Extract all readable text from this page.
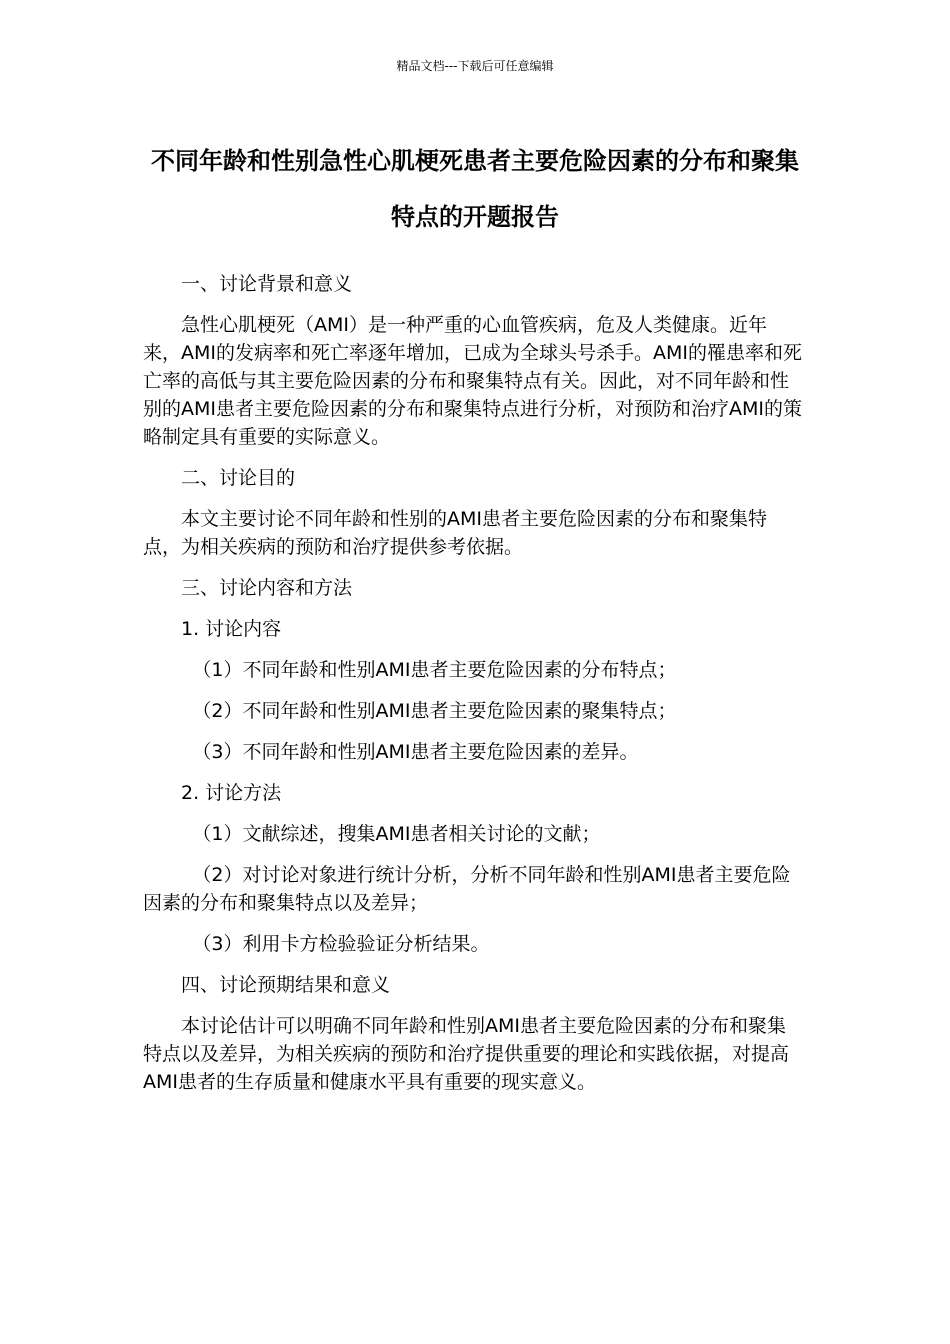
精品文档---下载后可任意编辑
不同年龄和性别急性心肌梗死患者主要危险因素的分布和聚集特点的开题报告

一、讨论背景和意义

急性心肌梗死（AMI）是一种严重的心血管疾病，危及人类健康。近年来，AMI的发病率和死亡率逐年增加，已成为全球头号杀手。AMI的罹患率和死亡率的高低与其主要危险因素的分布和聚集特点有关。因此，对不同年龄和性别的AMI患者主要危险因素的分布和聚集特点进行分析，对预防和治疗AMI的策略制定具有重要的实际意义。

二、讨论目的

本文主要讨论不同年龄和性别的AMI患者主要危险因素的分布和聚集特点，为相关疾病的预防和治疗提供参考依据。

三、讨论内容和方法

1. 讨论内容

（1）不同年龄和性别AMI患者主要危险因素的分布特点；

（2）不同年龄和性别AMI患者主要危险因素的聚集特点；

（3）不同年龄和性别AMI患者主要危险因素的差异。

2. 讨论方法

（1）文献综述，搜集AMI患者相关讨论的文献；

（2）对讨论对象进行统计分析，分析不同年龄和性别AMI患者主要危险因素的分布和聚集特点以及差异；

（3）利用卡方检验验证分析结果。

四、讨论预期结果和意义

本讨论估计可以明确不同年龄和性别AMI患者主要危险因素的分布和聚集特点以及差异，为相关疾病的预防和治疗提供重要的理论和实践依据，对提高AMI患者的生存质量和健康水平具有重要的现实意义。
